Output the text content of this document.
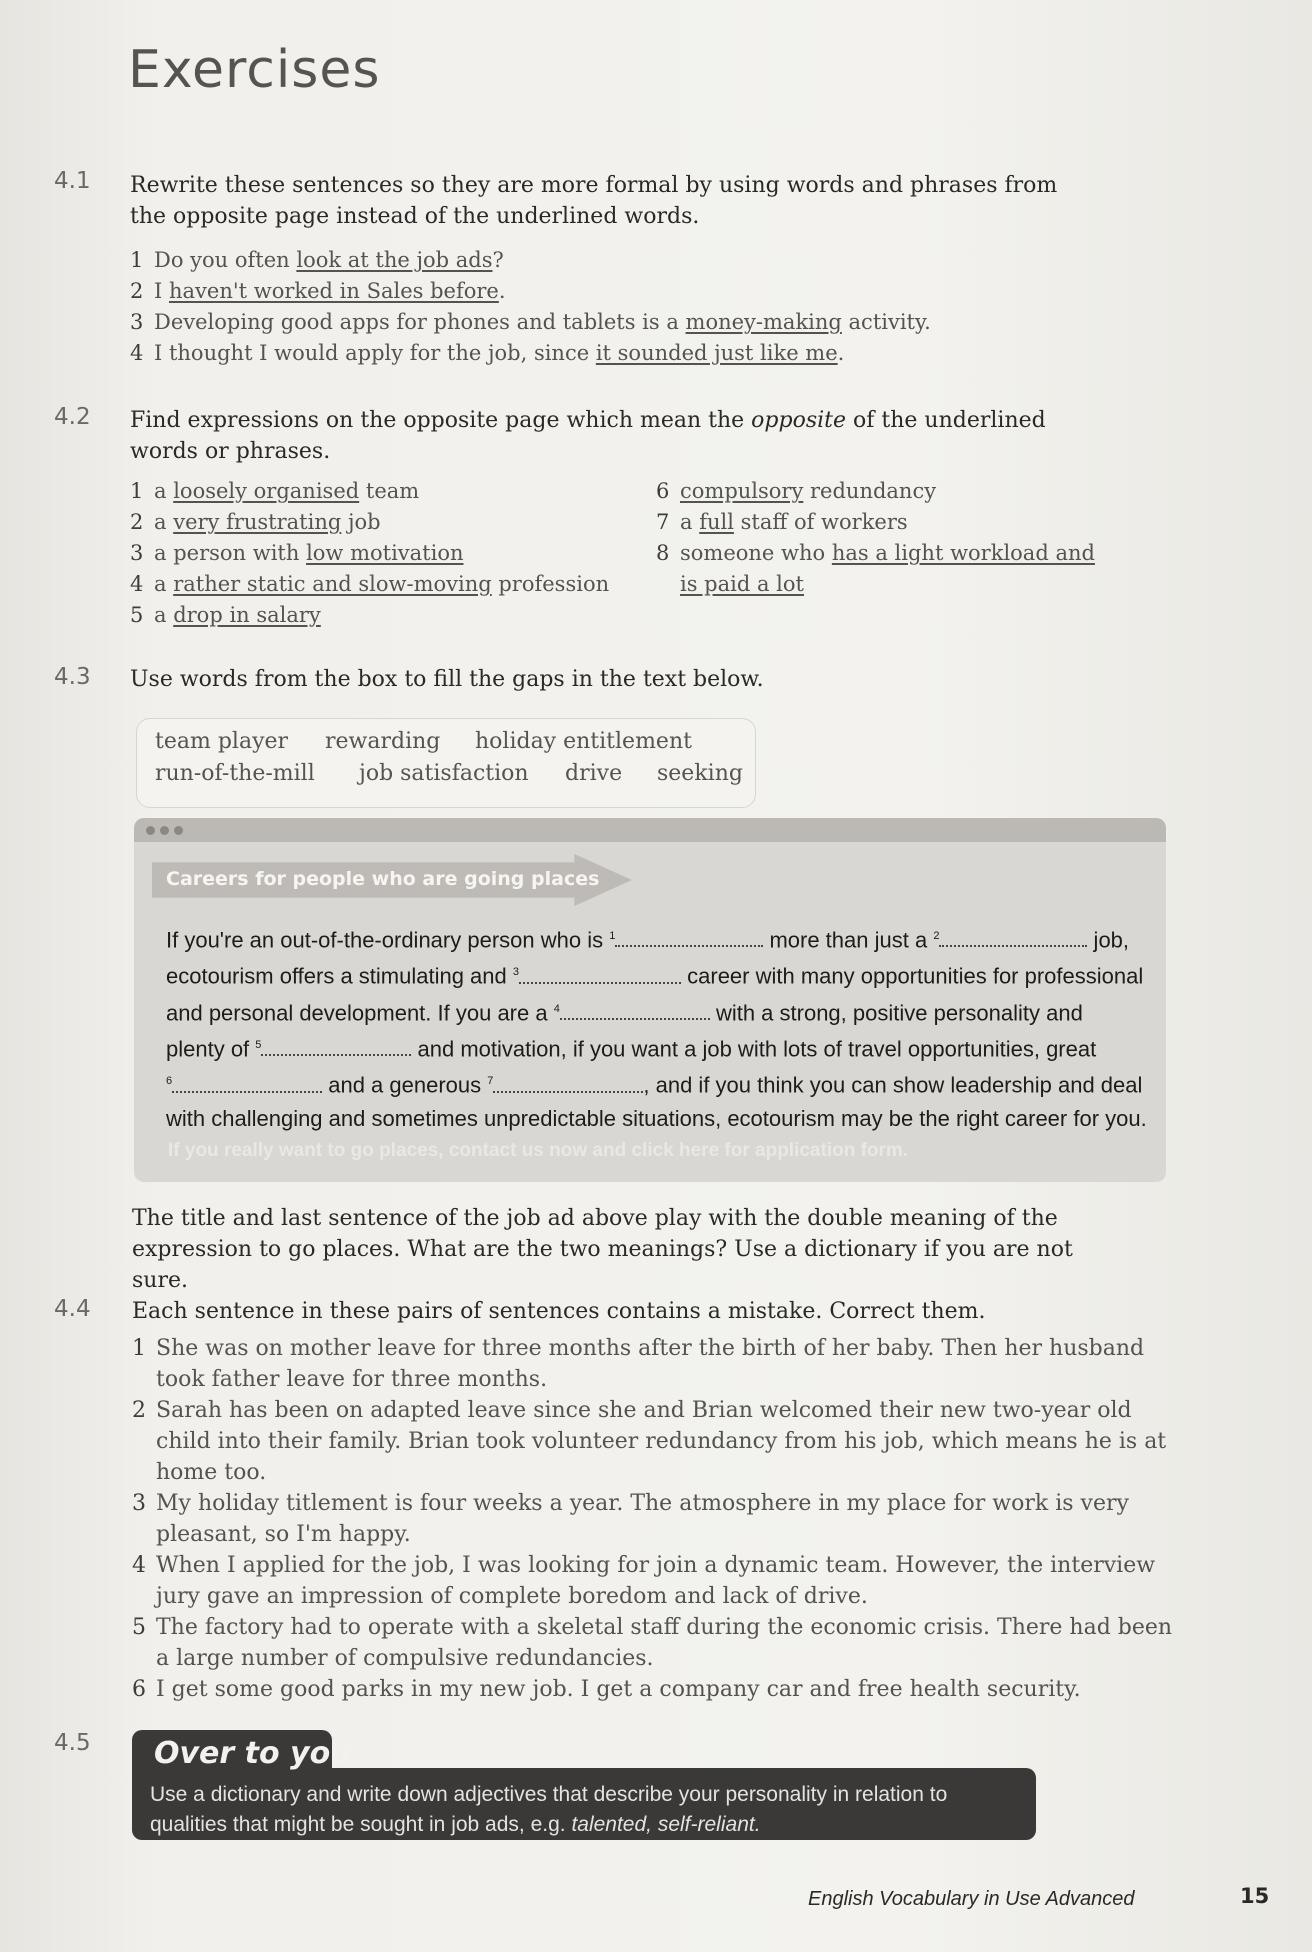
Exercises
4.1 Rewrite these sentences so they are more formal by using words and phrases from the opposite page instead of the underlined words.
1 Do you often look at the job ads?
2 I haven't worked in Sales before.
3 Developing good apps for phones and tablets is a money-making activity.
4 I thought I would apply for the job, since it sounded just like me.
4.2 Find expressions on the opposite page which mean the opposite of the underlined words or phrases.
1 a loosely organised team
2 a very frustrating job
3 a person with low motivation
4 a rather static and slow-moving profession
5 a drop in salary
6 compulsory redundancy
7 a full staff of workers
8 someone who has a light workload and
is paid a lot
4.3 Use words from the box to fill the gaps in the text below.
team player rewarding holiday entitlement
run-of-the-mill job satisfaction drive seeking
Careers for people who are going places
If you're an out-of-the-ordinary person who is $^1$	more than just a $^2$	job,
ecotourism offers a stimulating and $^3$	career with many opportunities for professional
and personal development. If you are a $^4$	with a strong, positive personality and
plenty of $^5$	and motivation, if you want a job with lots of travel opportunities, great
$^6$	and a generous $^7$	, and if you think you can show leadership and deal
with challenging and sometimes unpredictable situations, ecotourism may be the right career for you.
If you really want to go places, contact us now and click here for application form.
The title and last sentence of the job ad above play with the double meaning of the expression to go places. What are the two meanings? Use a dictionary if you are not sure.
4.4 Each sentence in these pairs of sentences contains a mistake. Correct them.
1 She was on mother leave for three months after the birth of her baby. Then her husband took father leave for three months.
2 Sarah has been on adapted leave since she and Brian welcomed their new two-year old child into their family. Brian took volunteer redundancy from his job, which means he is at home too.
3 My holiday titlement is four weeks a year. The atmosphere in my place for work is very pleasant, so I'm happy.
4 When I applied for the job, I was looking for join a dynamic team. However, the interview jury gave an impression of complete boredom and lack of drive.
5 The factory had to operate with a skeletal staff during the economic crisis. There had been a large number of compulsive redundancies.
6 I get some good parks in my new job. I get a company car and free health security.
4.5 Over to you
Use a dictionary and write down adjectives that describe your personality in relation to qualities that might be sought in job ads, e.g. talented, self-reliant.
English Vocabulary in Use Advanced	15
